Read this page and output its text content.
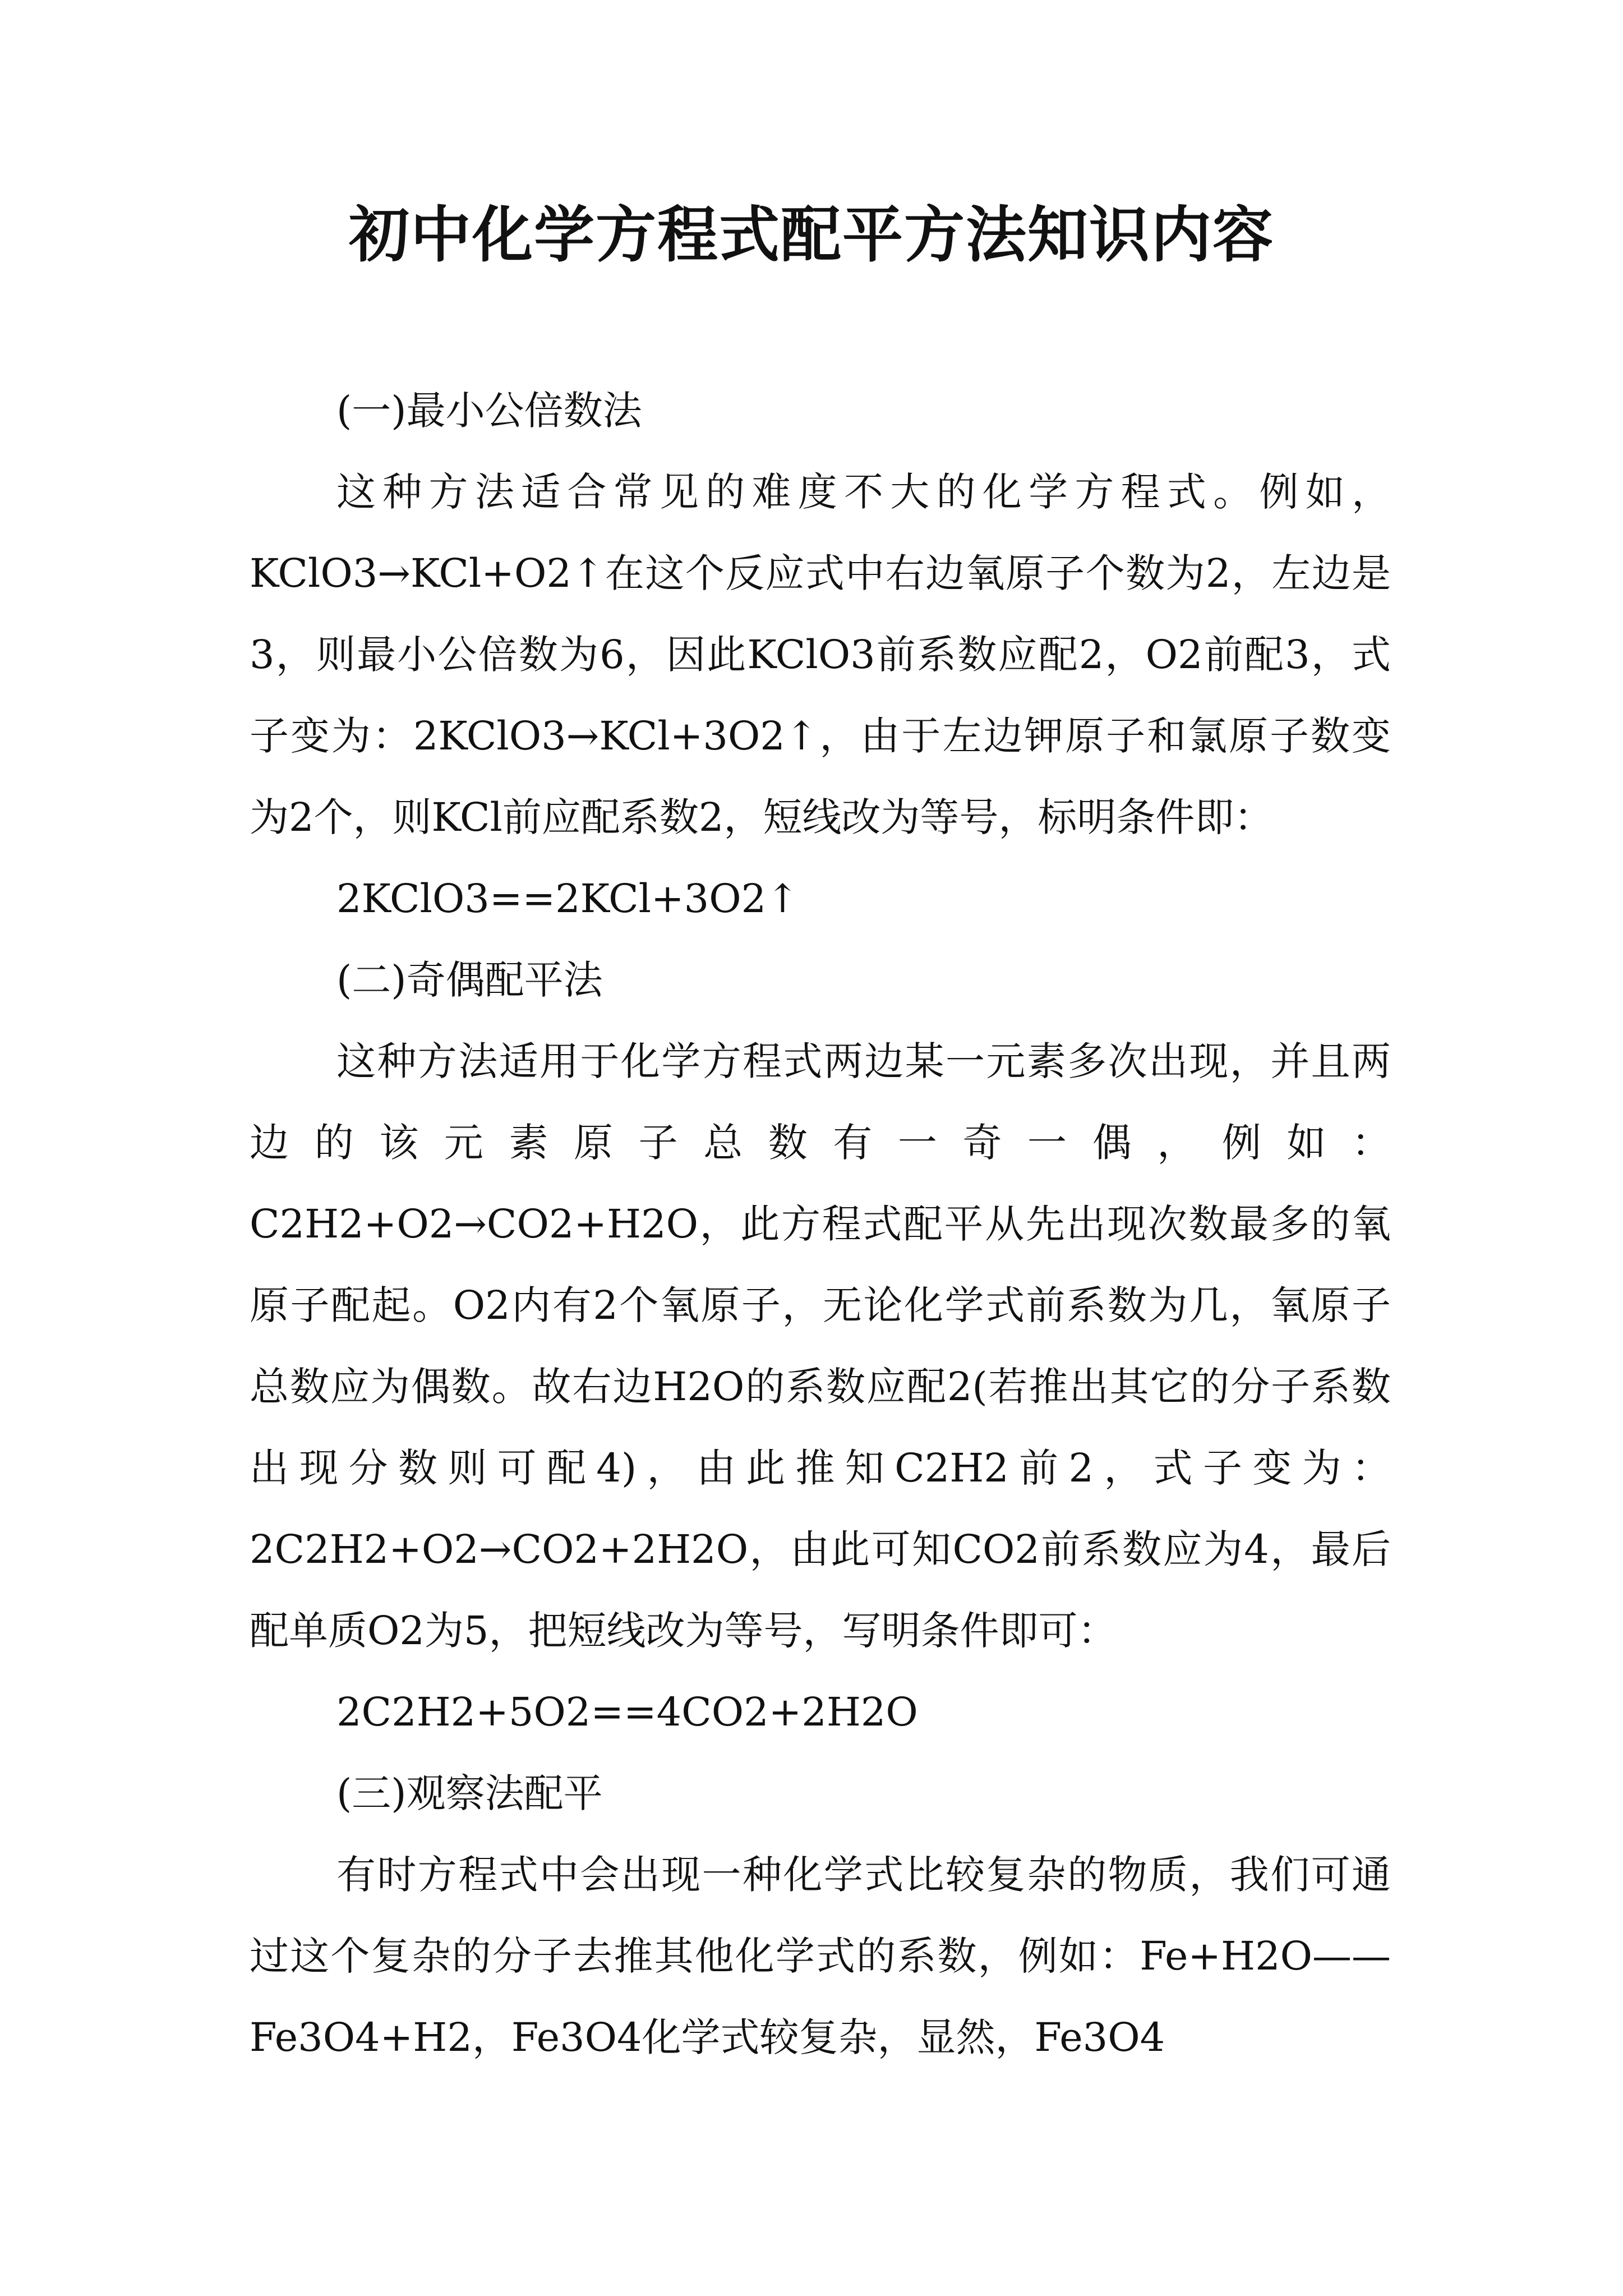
初中化学方程式配平方法知识内容

(一)最小公倍数法

这种方法适合常见的难度不大的化学方程式。例如，KClO3→KCl+O2↑在这个反应式中右边氧原子个数为2，左边是3，则最小公倍数为6，因此KClO3前系数应配2，O2前配3，式子变为：2KClO3→KCl+3O2↑，由于左边钾原子和氯原子数变为2个，则KCl前应配系数2，短线改为等号，标明条件即：

2KClO3==2KCl+3O2↑

(二)奇偶配平法

这种方法适用于化学方程式两边某一元素多次出现，并且两边的该元素原子总数有一奇一偶，例如：C2H2+O2→CO2+H2O，此方程式配平从先出现次数最多的氧原子配起。O2内有2个氧原子，无论化学式前系数为几，氧原子总数应为偶数。故右边H2O的系数应配2(若推出其它的分子系数出现分数则可配4)，由此推知C2H2前2，式子变为：2C2H2+O2→CO2+2H2O，由此可知CO2前系数应为4，最后配单质O2为5，把短线改为等号，写明条件即可：

2C2H2+5O2==4CO2+2H2O

(三)观察法配平

有时方程式中会出现一种化学式比较复杂的物质，我们可通过这个复杂的分子去推其他化学式的系数，例如：Fe+H2O——Fe3O4+H2，Fe3O4化学式较复杂，显然，Fe3O4
